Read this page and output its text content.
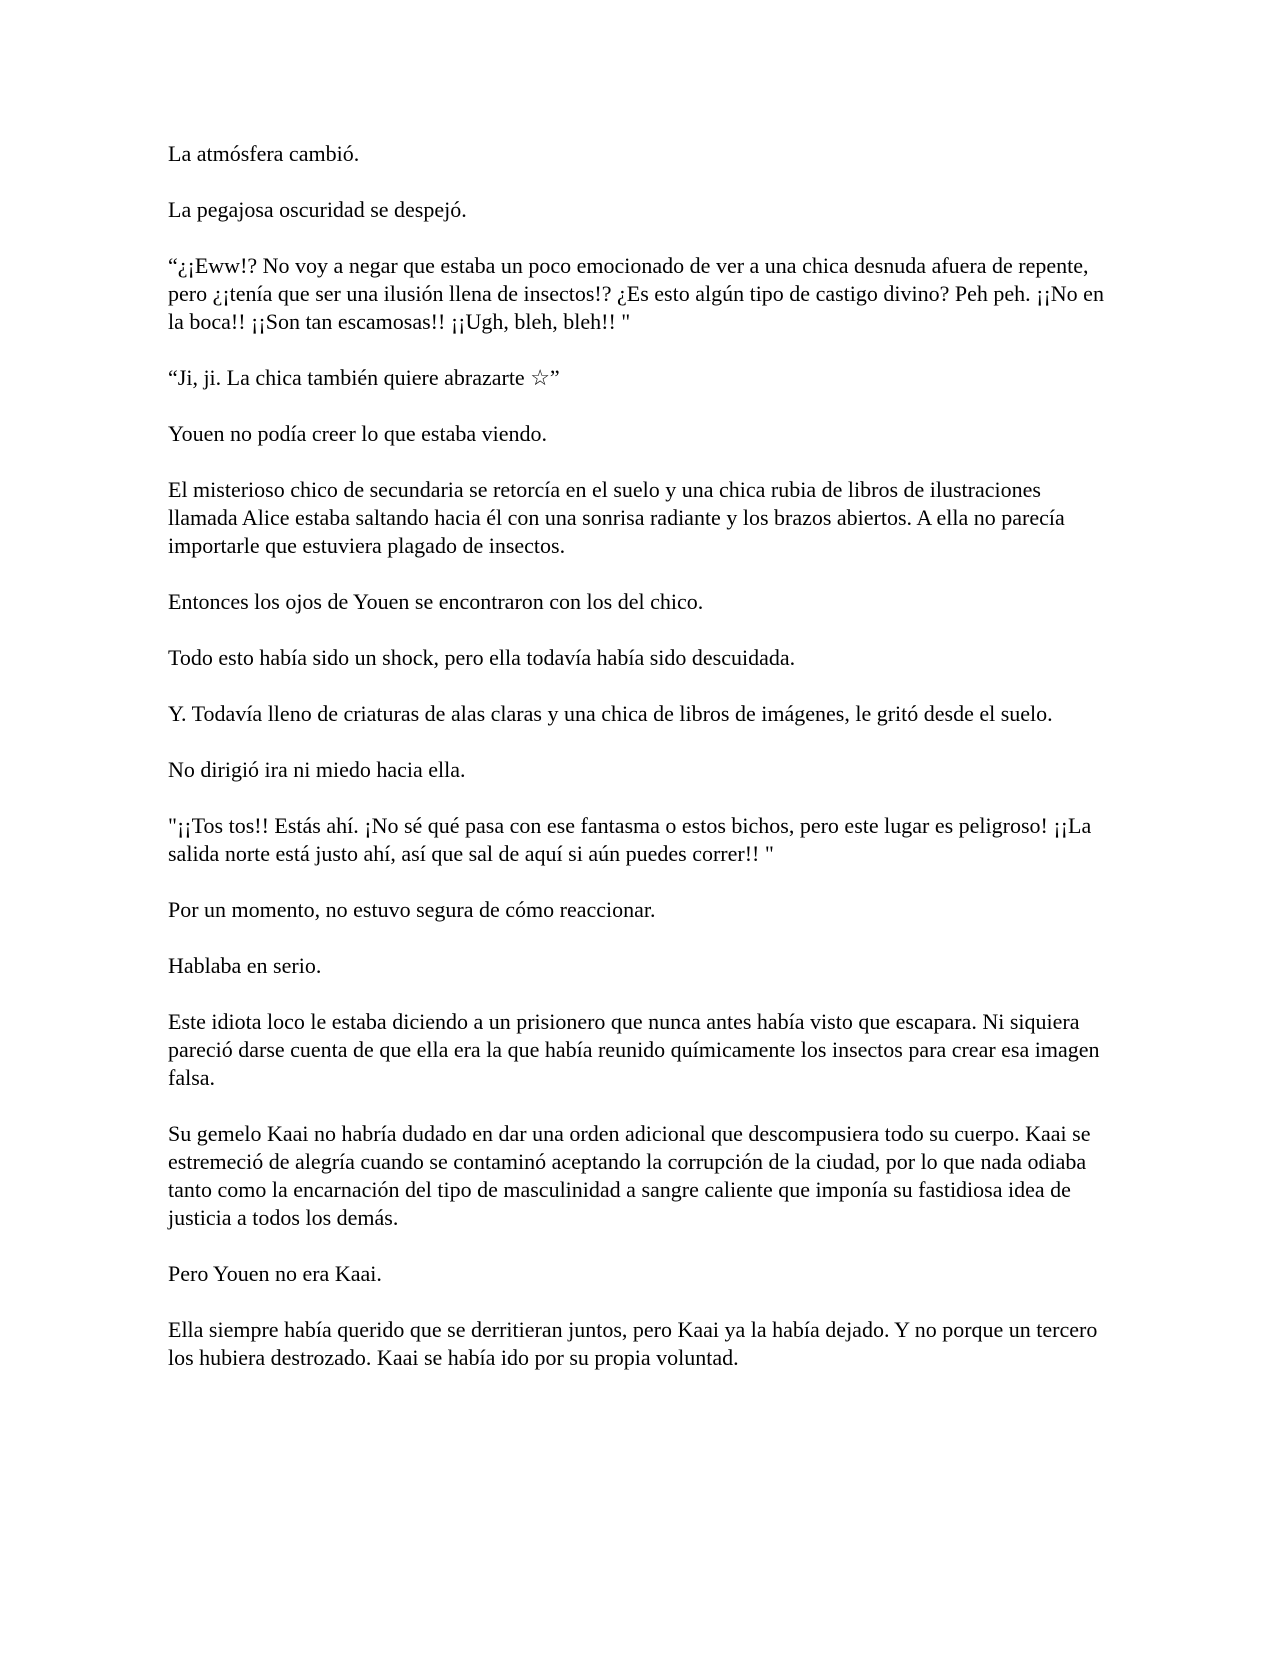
La atmósfera cambió.

La pegajosa oscuridad se despejó.

“¿¡Eww!? No voy a negar que estaba un poco emocionado de ver a una chica desnuda afuera de repente, pero ¿¡tenía que ser una ilusión llena de insectos!? ¿Es esto algún tipo de castigo divino? Peh peh. ¡¡No en la boca!! ¡¡Son tan escamosas!! ¡¡Ugh, bleh, bleh!! "

“Ji, ji. La chica también quiere abrazarte ☆”

Youen no podía creer lo que estaba viendo.

El misterioso chico de secundaria se retorcía en el suelo y una chica rubia de libros de ilustraciones llamada Alice estaba saltando hacia él con una sonrisa radiante y los brazos abiertos. A ella no parecía importarle que estuviera plagado de insectos.

Entonces los ojos de Youen se encontraron con los del chico.

Todo esto había sido un shock, pero ella todavía había sido descuidada.

Y. Todavía lleno de criaturas de alas claras y una chica de libros de imágenes, le gritó desde el suelo.

No dirigió ira ni miedo hacia ella.

"¡¡Tos tos!! Estás ahí. ¡No sé qué pasa con ese fantasma o estos bichos, pero este lugar es peligroso! ¡¡La salida norte está justo ahí, así que sal de aquí si aún puedes correr!! "

Por un momento, no estuvo segura de cómo reaccionar.

Hablaba en serio.

Este idiota loco le estaba diciendo a un prisionero que nunca antes había visto que escapara. Ni siquiera pareció darse cuenta de que ella era la que había reunido químicamente los insectos para crear esa imagen falsa.

Su gemelo Kaai no habría dudado en dar una orden adicional que descompusiera todo su cuerpo. Kaai se estremeció de alegría cuando se contaminó aceptando la corrupción de la ciudad, por lo que nada odiaba tanto como la encarnación del tipo de masculinidad a sangre caliente que imponía su fastidiosa idea de justicia a todos los demás.

Pero Youen no era Kaai.

Ella siempre había querido que se derritieran juntos, pero Kaai ya la había dejado. Y no porque un tercero los hubiera destrozado. Kaai se había ido por su propia voluntad.
